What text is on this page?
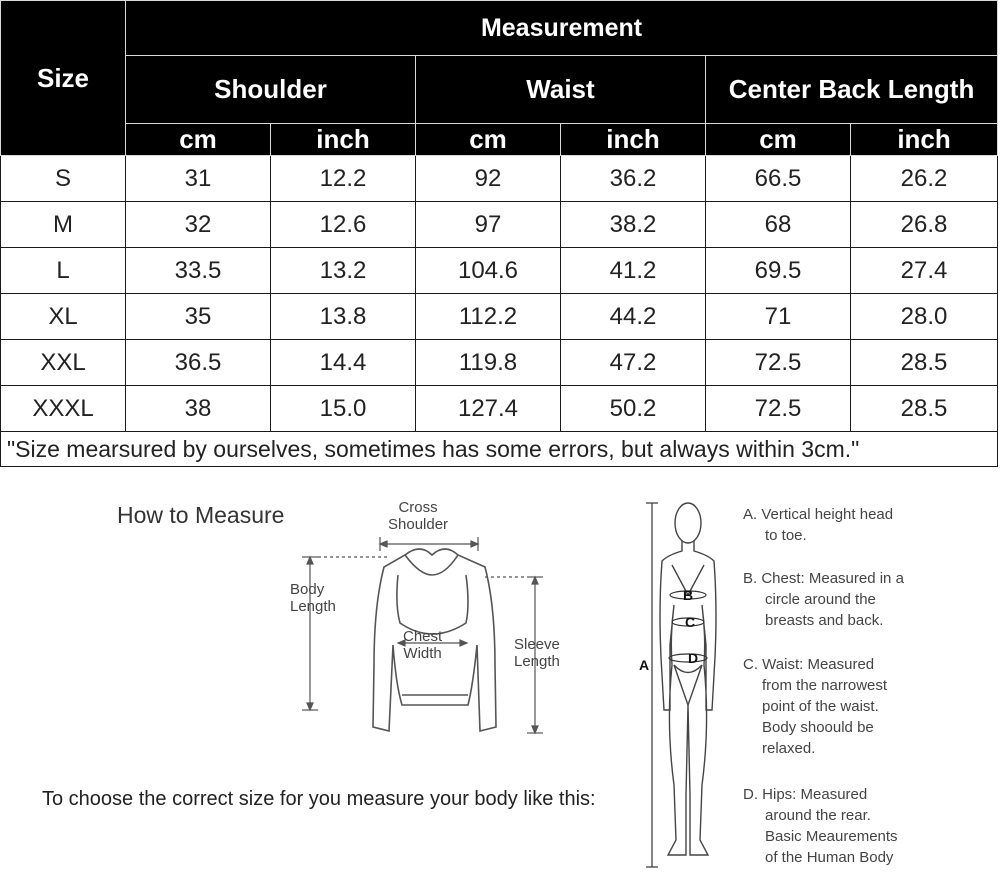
Size	Measurement					
	Shoulder		Waist		Center Back Length	
	cm	inch	cm	inch	cm	inch
S	31	12.2	92	36.2	66.5	26.2
M	32	12.6	97	38.2	68	26.8
L	33.5	13.2	104.6	41.2	69.5	27.4
XL	35	13.8	112.2	44.2	71	28.0
XXL	36.5	14.4	119.8	47.2	72.5	28.5
XXXL	38	15.0	127.4	50.2	72.5	28.5
"Size mearsured by ourselves, sometimes has some errors, but always within 3cm."						
How to Measure	Cross
Shoulder
Body
Length
Chest
Width
Sleeve
Length
To choose the correct size for you measure your body like this:
B
C
D
A
A. Vertical height head
to toe.
B. Chest: Measured in a
circle around the
breasts and back.
C. Waist: Measured
from the narrowest
point of the waist.
Body shoould be
relaxed.
D. Hips: Measured
around the rear.
Basic Meaurements
of the Human Body
